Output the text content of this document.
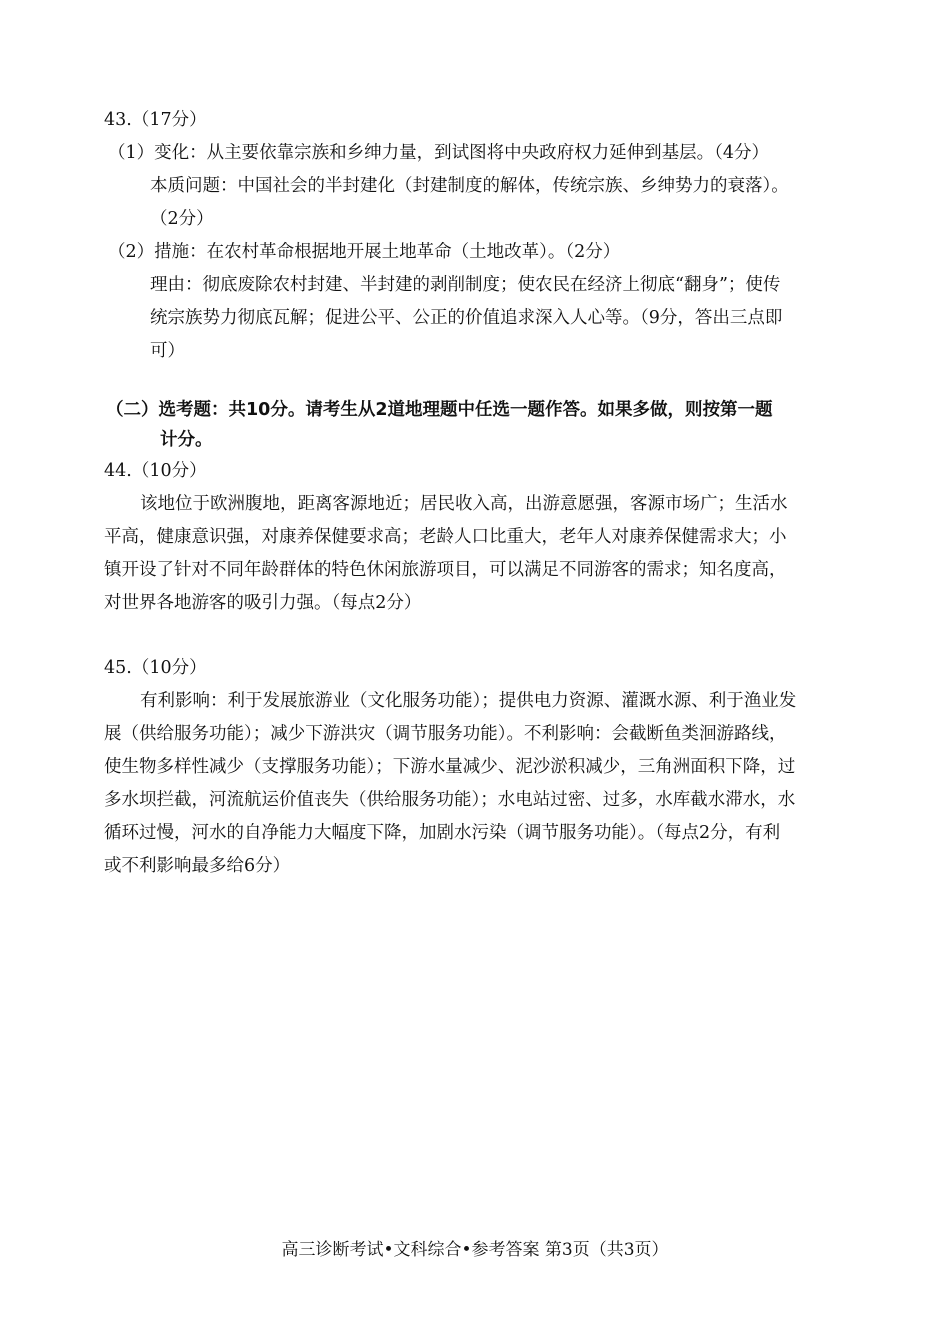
43.（17分）
（1）变化：从主要依靠宗族和乡绅力量，到试图将中央政府权力延伸到基层。（4分）
本质问题：中国社会的半封建化（封建制度的解体，传统宗族、乡绅势力的衰落）。
（2分）
（2）措施：在农村革命根据地开展土地革命（土地改革）。（2分）
理由：彻底废除农村封建、半封建的剥削制度；使农民在经济上彻底“翻身”；使传
统宗族势力彻底瓦解；促进公平、公正的价值追求深入人心等。（9分，答出三点即
可）
（二）选考题：共10分。请考生从2道地理题中任选一题作答。如果多做，则按第一题
计分。
44.（10分）
该地位于欧洲腹地，距离客源地近；居民收入高，出游意愿强，客源市场广；生活水
平高，健康意识强，对康养保健要求高；老龄人口比重大，老年人对康养保健需求大；小
镇开设了针对不同年龄群体的特色休闲旅游项目，可以满足不同游客的需求；知名度高，
对世界各地游客的吸引力强。（每点2分）
45.（10分）
有利影响：利于发展旅游业（文化服务功能）；提供电力资源、灌溉水源、利于渔业发
展（供给服务功能）；减少下游洪灾（调节服务功能）。不利影响：会截断鱼类洄游路线，
使生物多样性减少（支撑服务功能）；下游水量减少、泥沙淤积减少，三角洲面积下降，过
多水坝拦截，河流航运价值丧失（供给服务功能）；水电站过密、过多，水库截水滞水，水
循环过慢，河水的自净能力大幅度下降，加剧水污染（调节服务功能）。（每点2分，有利
或不利影响最多给6分）
高三诊断考试•文科综合•参考答案 第3页（共3页）
